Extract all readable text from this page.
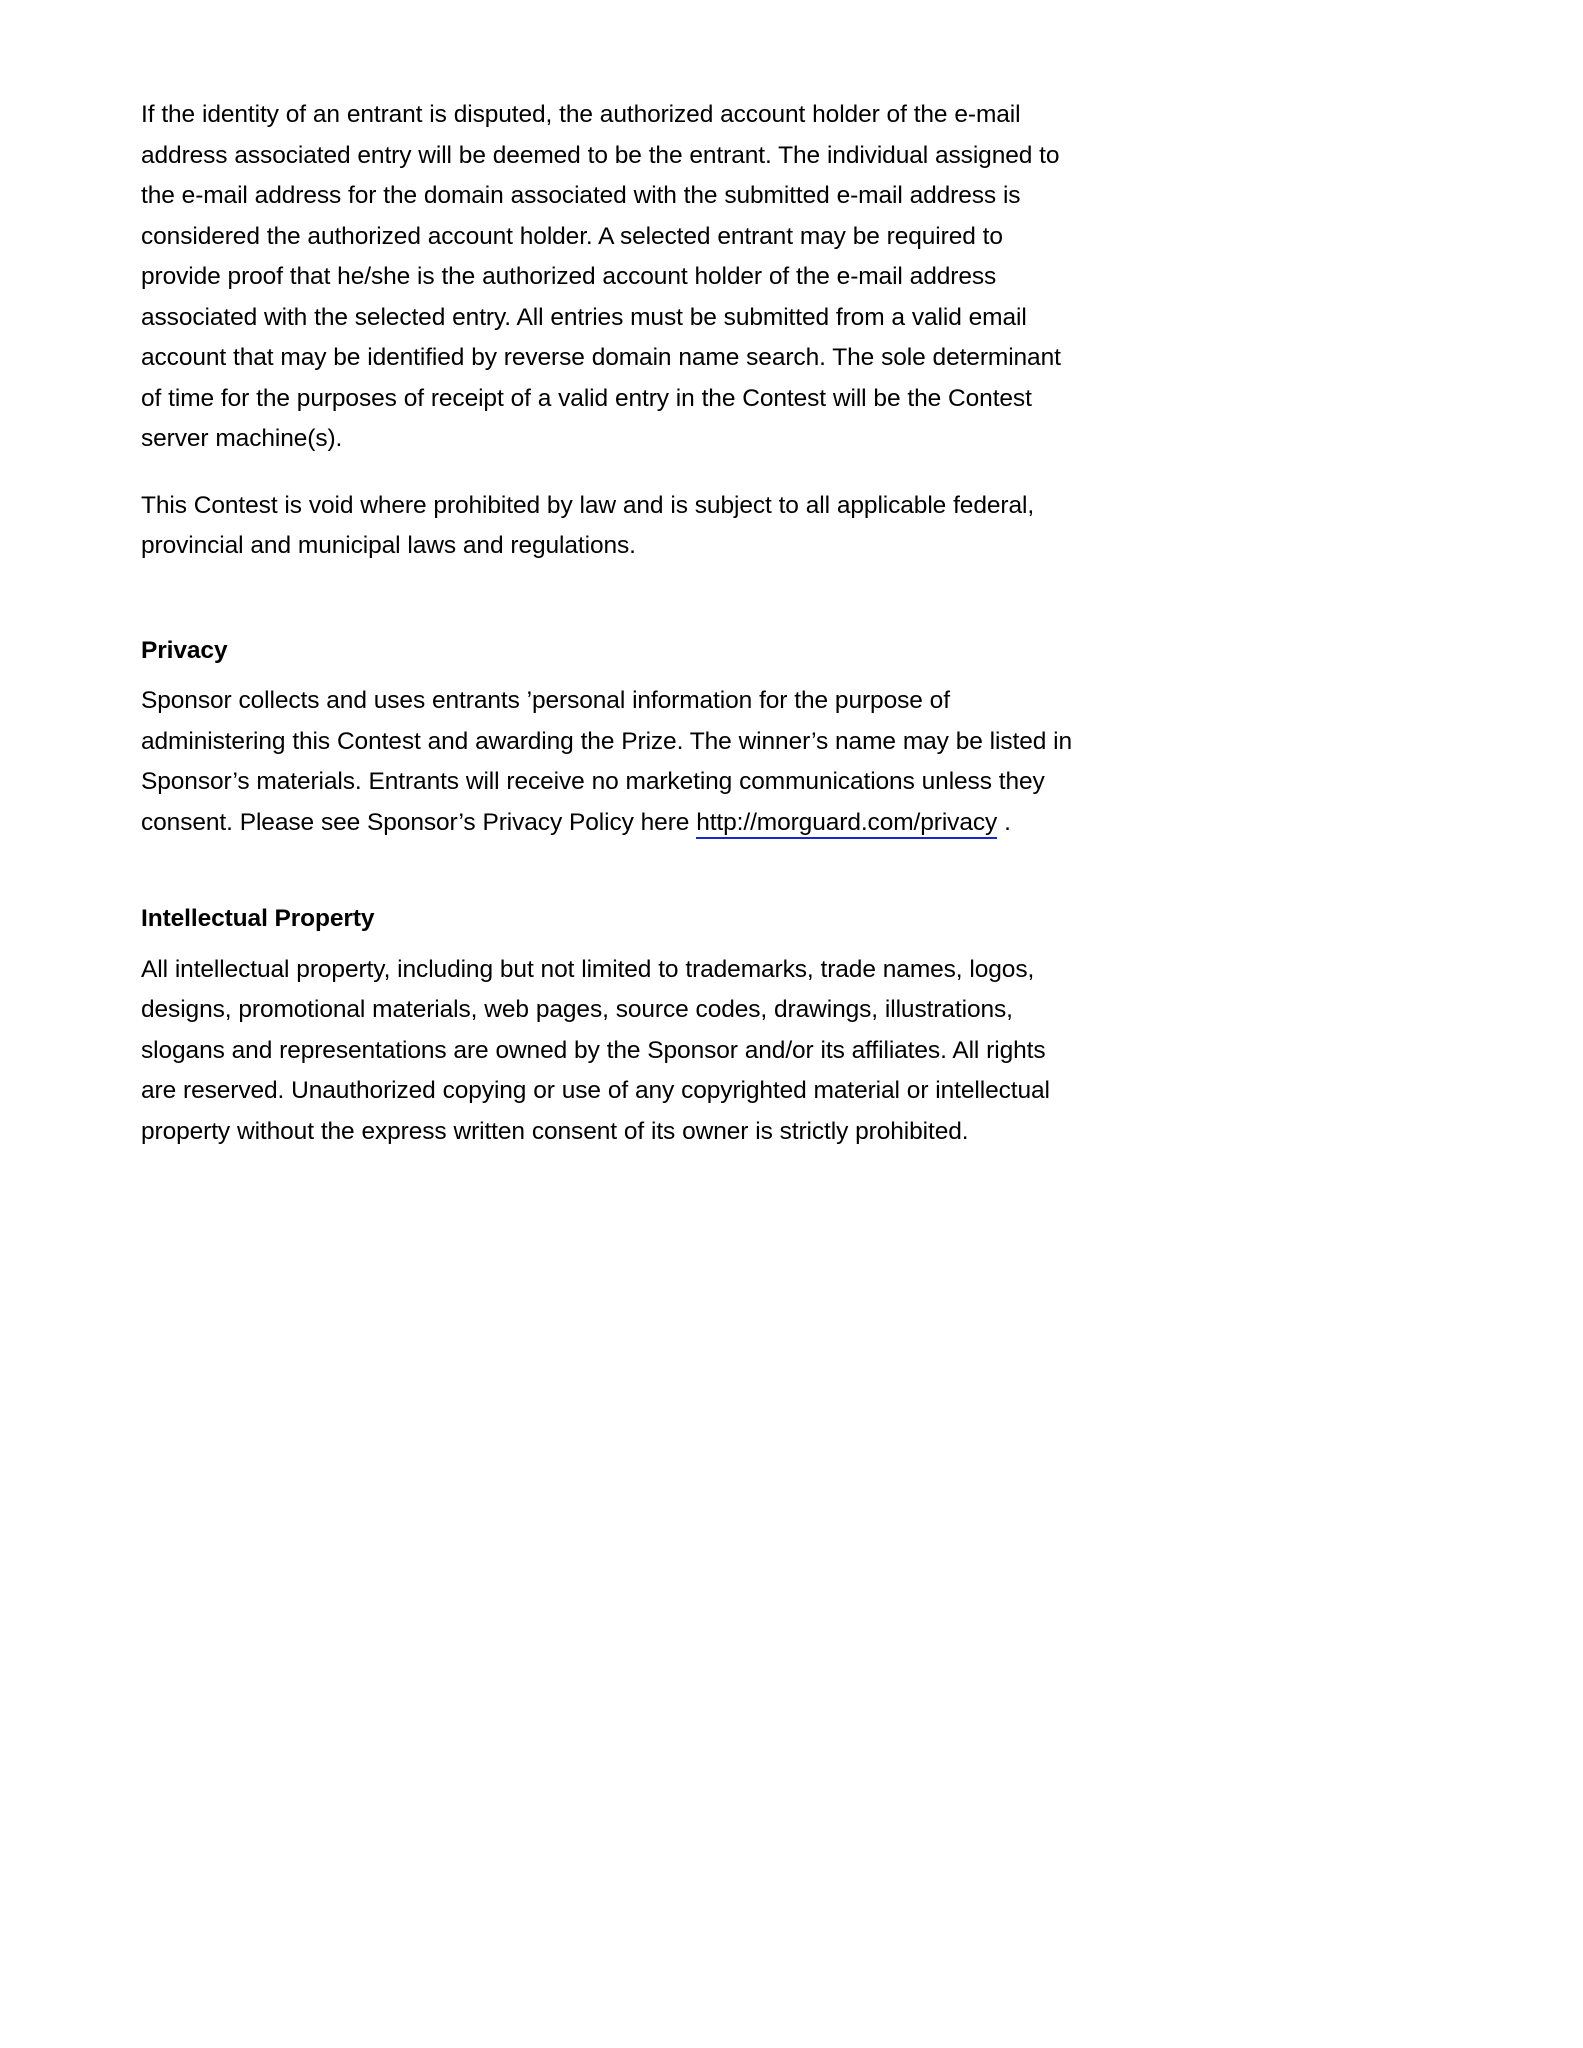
If the identity of an entrant is disputed, the authorized account holder of the e-mail address associated entry will be deemed to be the entrant. The individual assigned to the e-mail address for the domain associated with the submitted e-mail address is considered the authorized account holder. A selected entrant may be required to provide proof that he/she is the authorized account holder of the e-mail address associated with the selected entry. All entries must be submitted from a valid email account that may be identified by reverse domain name search. The sole determinant of time for the purposes of receipt of a valid entry in the Contest will be the Contest server machine(s).

This Contest is void where prohibited by law and is subject to all applicable federal, provincial and municipal laws and regulations.

Privacy

Sponsor collects and uses entrants ’personal information for the purpose of administering this Contest and awarding the Prize. The winner’s name may be listed in Sponsor’s materials. Entrants will receive no marketing communications unless they consent. Please see Sponsor’s Privacy Policy here http://morguard.com/privacy .

Intellectual Property

All intellectual property, including but not limited to trademarks, trade names, logos, designs, promotional materials, web pages, source codes, drawings, illustrations, slogans and representations are owned by the Sponsor and/or its affiliates. All rights are reserved. Unauthorized copying or use of any copyrighted material or intellectual property without the express written consent of its owner is strictly prohibited.
